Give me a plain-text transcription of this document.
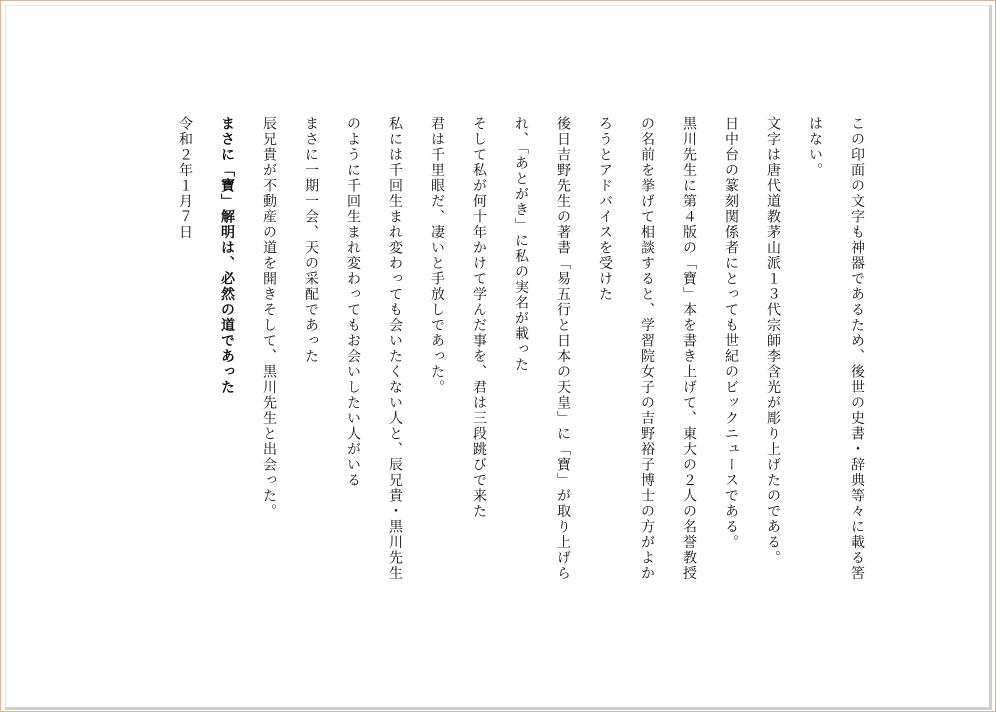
この印面の文字も神器であるため、後世の史書・辞典等々に載る筈
はない。
文字は唐代道教茅山派１３代宗師李含光が彫り上げたのである。
日中台の篆刻関係者にとっても世紀のビックニュースである。
黒川先生に第４版の「寶」本を書き上げて、東大の２人の名誉教授
の名前を挙げて相談すると、学習院女子の吉野裕子博士の方がよか
ろうとアドバイスを受けた
後日吉野先生の著書「易五行と日本の天皇」に「寶」が取り上げら
れ、「あとがき」に私の実名が載った
そして私が何十年かけて学んだ事を、君は三段跳びで来た
君は千里眼だ、凄いと手放しであった。
私には千回生まれ変わっても会いたくない人と、辰兄貴・黒川先生
のように千回生まれ変わってもお会いしたい人がいる
まさに一期一会、天の采配であった
辰兄貴が不動産の道を開きそして、黒川先生と出会った。
まさに「寶」解明は、必然の道であった
令和２年１月７日
